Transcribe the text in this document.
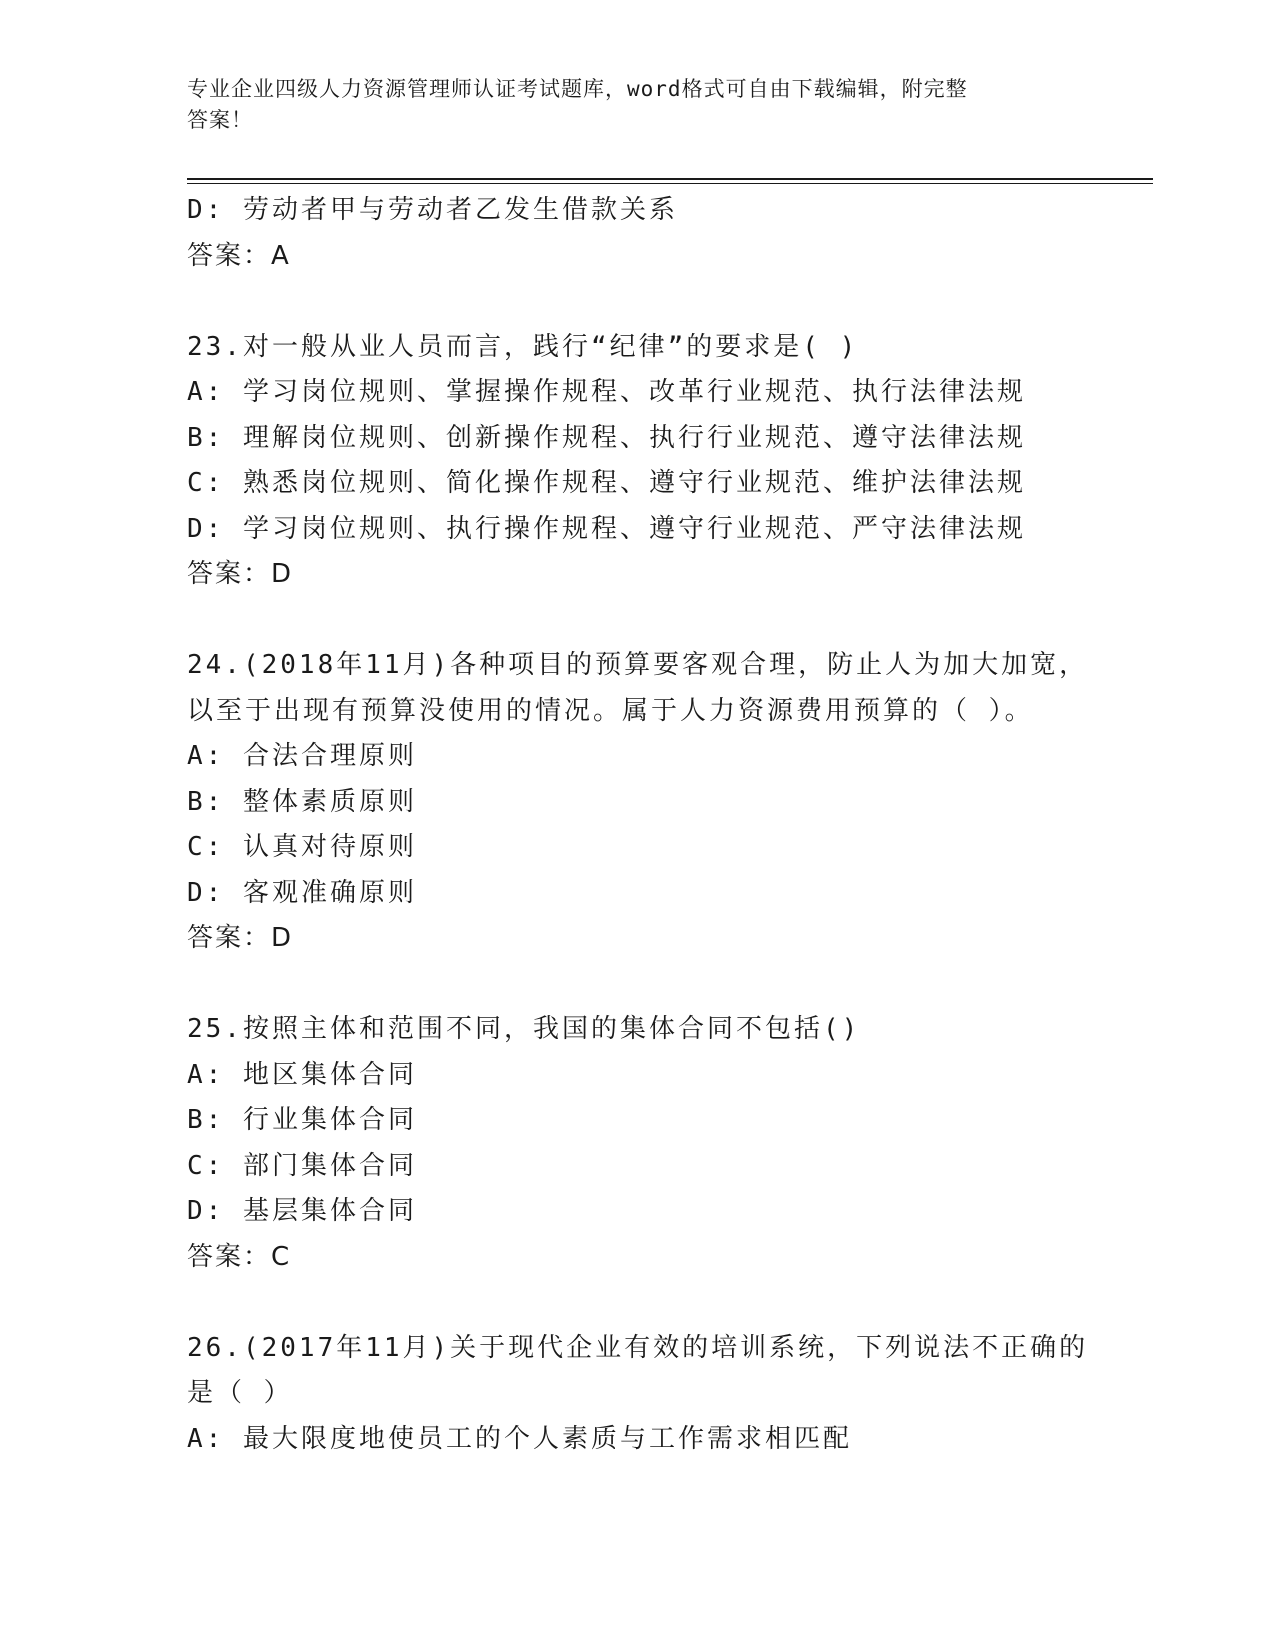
专业企业四级人力资源管理师认证考试题库，word格式可自由下载编辑，附完整
答案！
D: 劳动者甲与劳动者乙发生借款关系
答案：A
23.对一般从业人员而言，践行“纪律”的要求是( )
A: 学习岗位规则、掌握操作规程、改革行业规范、执行法律法规
B: 理解岗位规则、创新操作规程、执行行业规范、遵守法律法规
C: 熟悉岗位规则、简化操作规程、遵守行业规范、维护法律法规
D: 学习岗位规则、执行操作规程、遵守行业规范、严守法律法规
答案：D
24.(2018年11月)各种项目的预算要客观合理，防止人为加大加宽，
以至于出现有预算没使用的情况。属于人力资源费用预算的（ ）。
A: 合法合理原则
B: 整体素质原则
C: 认真对待原则
D: 客观准确原则
答案：D
25.按照主体和范围不同，我国的集体合同不包括()
A: 地区集体合同
B: 行业集体合同
C: 部门集体合同
D: 基层集体合同
答案：C
26.(2017年11月)关于现代企业有效的培训系统，下列说法不正确的
是（ ）
A: 最大限度地使员工的个人素质与工作需求相匹配
